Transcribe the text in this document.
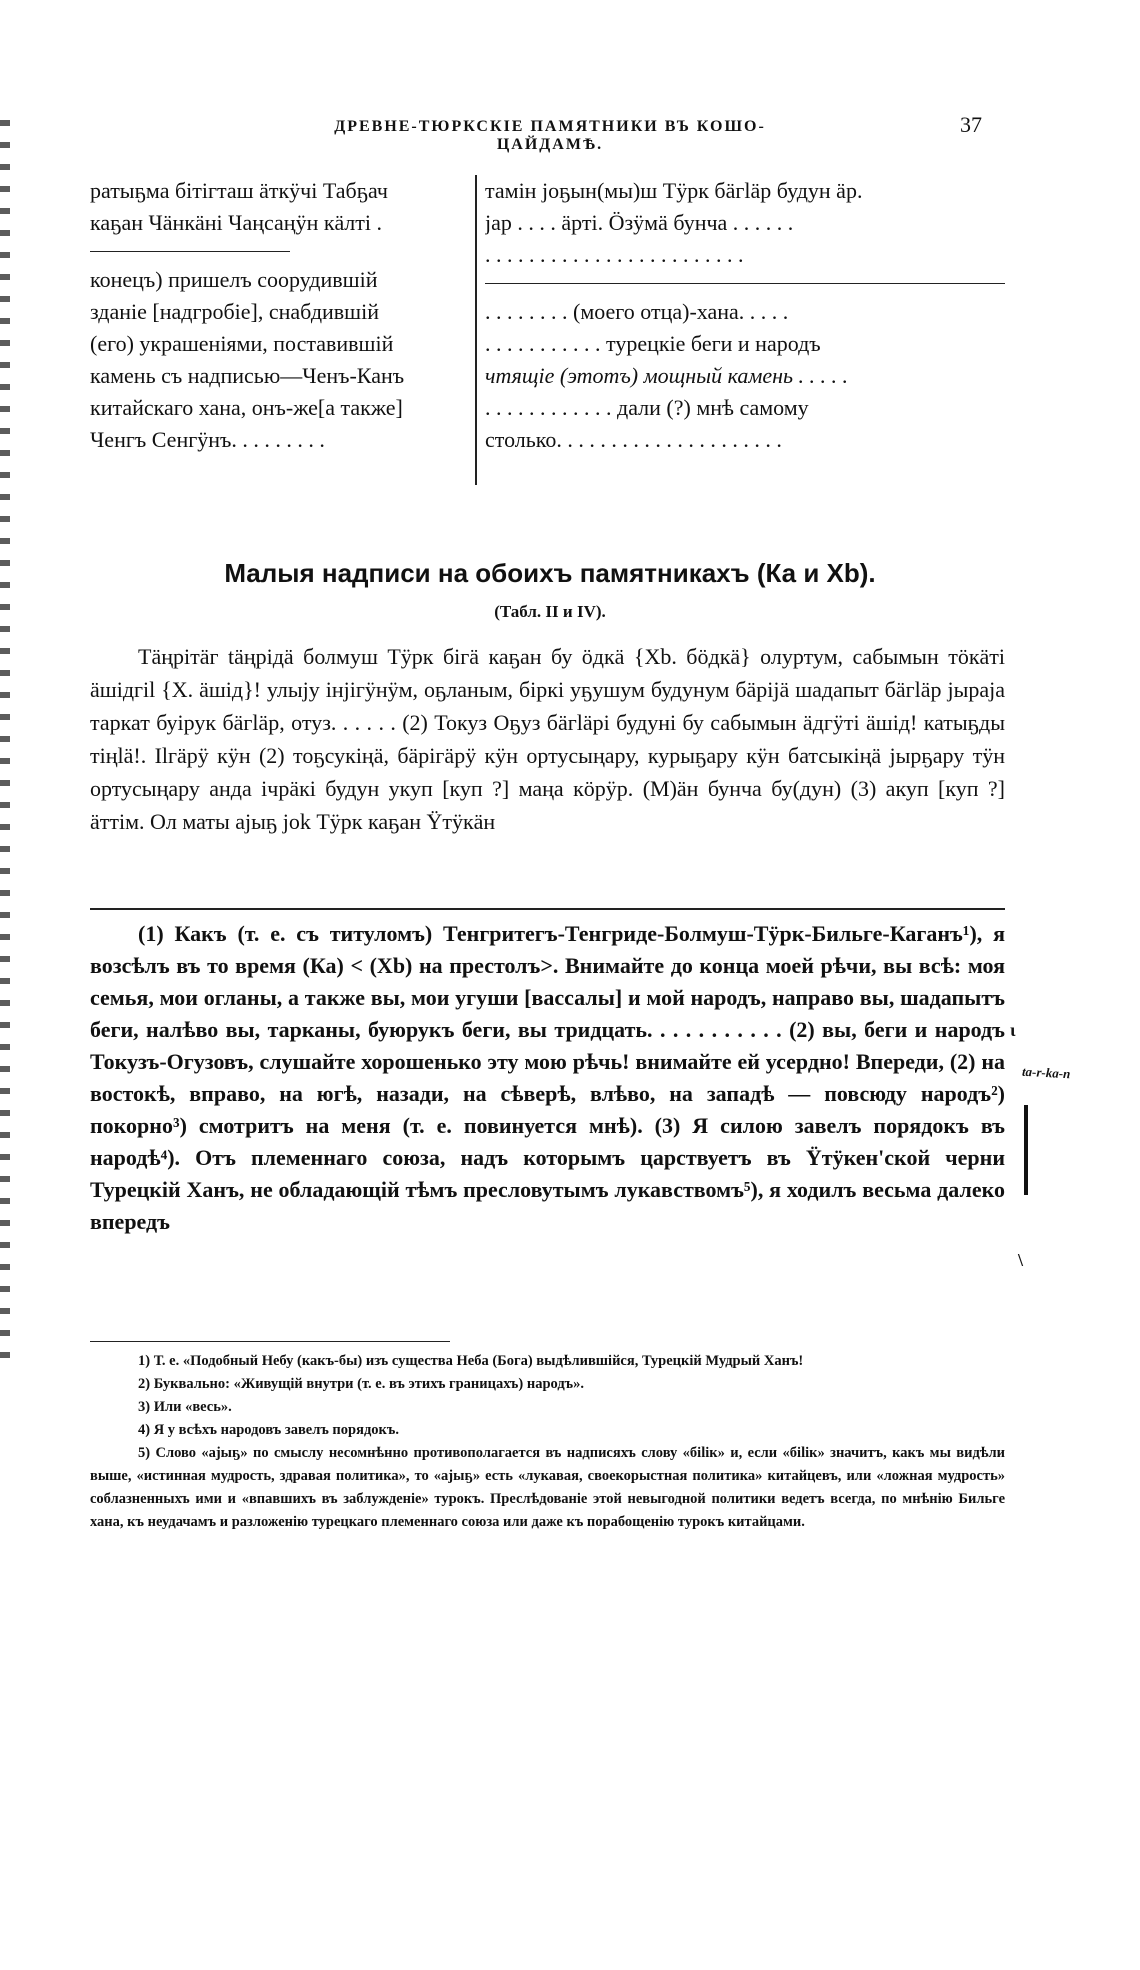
ДРЕВНЕ-ТЮРКСКІЕ ПАМЯТНИКИ ВЪ КОШО-ЦАЙДАМѢ.
37
ратыҕма бітігташ äткÿчі Табҕач
каҕан Чäнкäні Чаңсаңÿн кäлті .
конецъ) пришелъ соорудившій
зданіе [надгробіе], снабдившій
(его) украшеніями, поставившій
камень съ надписью—Ченъ-Канъ
китайскаго хана, онъ-же[а также]
Ченгъ Сенгÿнъ. . . . . . . . .
тамін јоҕын(мы)ш Тÿрк бäгläр будун äр.
јар . . . . äрті. Öзÿмä бунча . . . . . .
. . . . . . . . . . . . . . . . . . . . . . . .
. . . . . . . . (моего отца)-хана. . . . .
. . . . . . . . . . . турецкіе беги и народъ
чтящіе (этотъ) мощный камень . . . . .
. . . . . . . . . . . . дали (?) мнѣ самому
столько. . . . . . . . . . . . . . . . . . . . .
Малыя надписи на обоихъ памятникахъ (Ка и Xb).
(Табл. II и IV).

Täңрітäг täңрідä болмуш Тÿрк бiгä каҕан бу öдкä {Xb. бöдкä} олуртум, сабымын тöкäті äшідгіl {X. äшід}! улыју інјігÿнÿм, оҕланым, біркі уҕушум будунум бäріјä шадапыт бäгläр јыраја таркат буірук бäгläр, отуз. . . . . . (2) Токуз Оҕуз бäгläрі будуні бу сабымын äдгÿті äшід! катыҕды тіңlä!. Ilгäрÿ кÿн (2) тоҕсукіңä, бäрігäрÿ кÿн ортусыңару, курыҕару кÿн батсыкіңä јырҕару тÿн ортусыңару анда ічрäкі будун укуп [куп ?] маңа кöрÿр. (М)äн бунча бу(дун) (3) акуп [куп ?] äттім. Ол маты аjыҕ jok Тÿрк каҕан Ÿтÿкäн

(1) Какъ (т. е. съ титуломъ) Тенгритегъ-Тенгриде-Болмуш-Тÿрк-Бильге-Каганъ¹), я возсѣлъ въ то время (Ка) < (Xb) на престолъ>. Внимайте до конца моей рѣчи, вы всѣ: моя семья, мои огланы, а также вы, мои угуши [вассалы] и мой народъ, направо вы, шадапытъ беги, налѣво вы, тарканы, буюрукъ беги, вы тридцать. . . . . . . . . . . (2) вы, беги и народъ Токузъ-Огузовъ, слушайте хорошенько эту мою рѣчь! внимайте ей усердно! Впереди, (2) на востокѣ, вправо, на югѣ, назади, на сѣверѣ, влѣво, на западѣ — повсюду народъ²) покорно³) смотритъ на меня (т. е. повинуется мнѣ). (3) Я силою завелъ порядокъ въ народѣ⁴). Отъ племеннаго союза, надъ которымъ царствуетъ въ Ÿтÿкен'ской черни Турецкій Ханъ, не обладающій тѣмъ пресловутымъ лукавствомъ⁵), я ходилъ весьма далеко впередъ

1) Т. е. «Подобный Небу (какъ-бы) изъ существа Неба (Бога) выдѣлившійся, Турецкій Мудрый Ханъ!

2) Буквально: «Живущій внутри (т. е. въ этихъ границахъ) народъ».

3) Или «весь».

4) Я у всѣхъ народовъ завелъ порядокъ.

5) Слово «аjыҕ» по смыслу несомнѣнно противополагается въ надписяхъ слову «біlік» и, если «біlік» значитъ, какъ мы видѣли выше, «истинная мудрость, здравая политика», то «аjыҕ» есть «лукавая, своекорыстная политика» китайцевъ, или «ложная мудрость» соблазненныхъ ими и «впавшихъ въ заблужденіе» турокъ. Преслѣдованіе этой невыгодной политики ведетъ всегда, по мнѣнію Бильге хана, къ неудачамъ и разложенію турецкаго племеннаго союза или даже къ порабощенію турокъ китайцами.

ta-r-ka-n
ι
\
